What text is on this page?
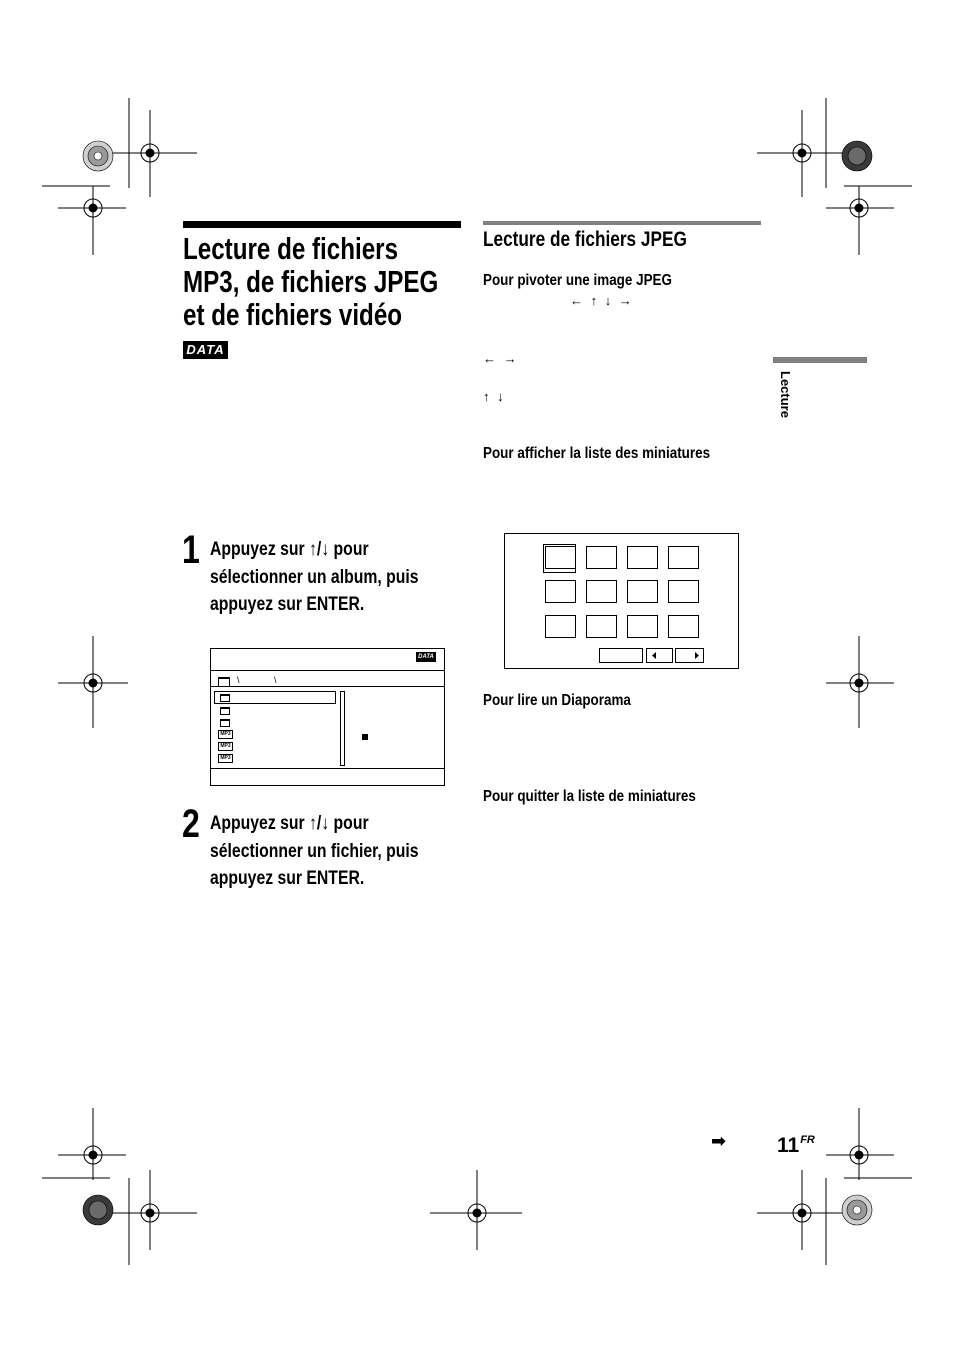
Lecture de fichiers
MP3, de fichiers JPEG
et de fichiers vidéo
DATA
1 Appuyez sur ↑/↓ pour
sélectionner un album, puis
appuyez sur ENTER.
DATA
\	\
MP3
MP3
MP3
2 Appuyez sur ↑/↓ pour
sélectionner un fichier, puis
appuyez sur ENTER.
Lecture de fichiers JPEG
Pour pivoter une image JPEG
← ↑ ↓ →
← →
↑ ↓
Pour afficher la liste des miniatures
Pour lire un Diaporama
Pour quitter la liste de miniatures
Lecture
➡ $11^{FR}$
